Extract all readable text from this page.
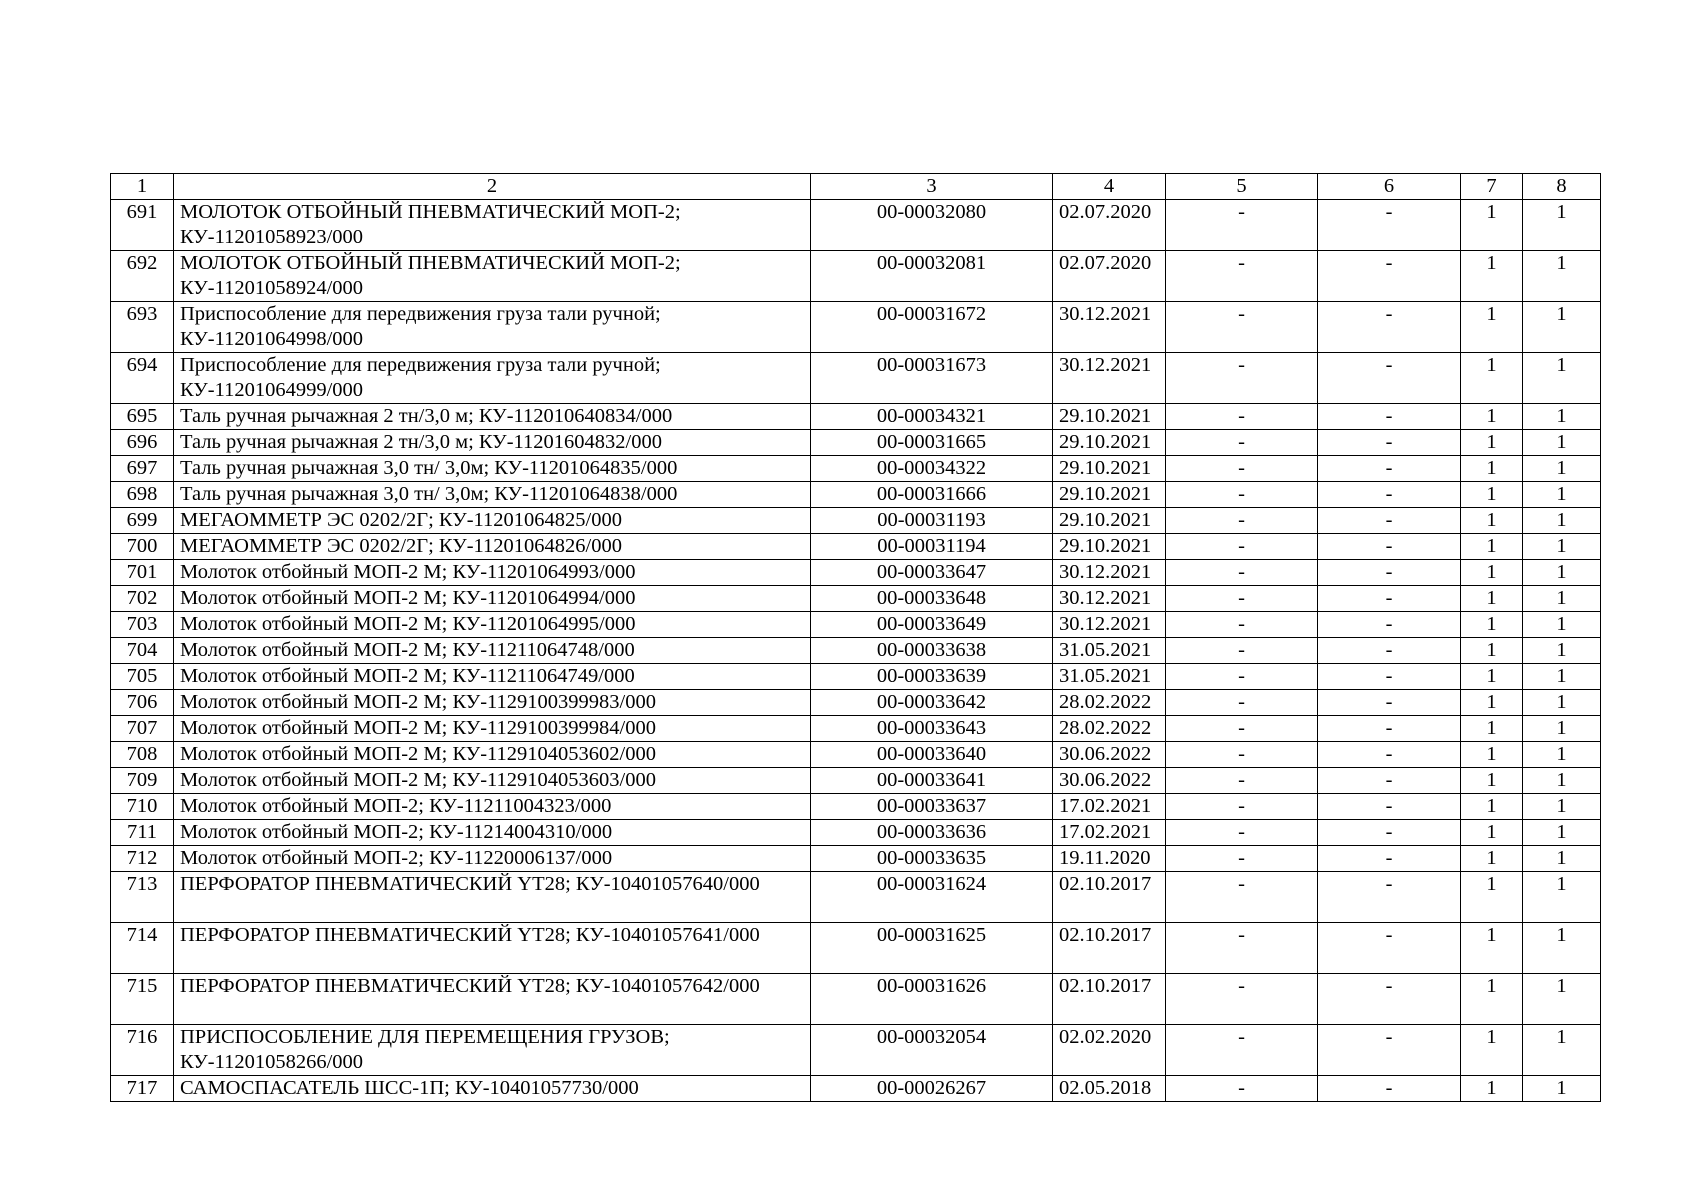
1	2	3	4	5	6	7	8
691	МОЛОТОК ОТБОЙНЫЙ ПНЕВМАТИЧЕСКИЙ МОП-2; КУ-11201058923/000	00-00032080	02.07.2020	-	-	1	1
692	МОЛОТОК ОТБОЙНЫЙ ПНЕВМАТИЧЕСКИЙ МОП-2; КУ-11201058924/000	00-00032081	02.07.2020	-	-	1	1
693	Приспособление для передвижения груза тали ручной; КУ-11201064998/000	00-00031672	30.12.2021	-	-	1	1
694	Приспособление для передвижения груза тали ручной; КУ-11201064999/000	00-00031673	30.12.2021	-	-	1	1
695	Таль ручная рычажная 2 тн/3,0 м; КУ-112010640834/000	00-00034321	29.10.2021	-	-	1	1
696	Таль ручная рычажная 2 тн/3,0 м; КУ-11201604832/000	00-00031665	29.10.2021	-	-	1	1
697	Таль ручная рычажная 3,0 тн/ 3,0м; КУ-11201064835/000	00-00034322	29.10.2021	-	-	1	1
698	Таль ручная рычажная 3,0 тн/ 3,0м; КУ-11201064838/000	00-00031666	29.10.2021	-	-	1	1
699	МЕГАОММЕТР ЭС 0202/2Г; КУ-11201064825/000	00-00031193	29.10.2021	-	-	1	1
700	МЕГАОММЕТР ЭС 0202/2Г; КУ-11201064826/000	00-00031194	29.10.2021	-	-	1	1
701	Молоток отбойный МОП-2 М; КУ-11201064993/000	00-00033647	30.12.2021	-	-	1	1
702	Молоток отбойный МОП-2 М; КУ-11201064994/000	00-00033648	30.12.2021	-	-	1	1
703	Молоток отбойный МОП-2 М; КУ-11201064995/000	00-00033649	30.12.2021	-	-	1	1
704	Молоток отбойный МОП-2 М; КУ-11211064748/000	00-00033638	31.05.2021	-	-	1	1
705	Молоток отбойный МОП-2 М; КУ-11211064749/000	00-00033639	31.05.2021	-	-	1	1
706	Молоток отбойный МОП-2 М; КУ-1129100399983/000	00-00033642	28.02.2022	-	-	1	1
707	Молоток отбойный МОП-2 М; КУ-1129100399984/000	00-00033643	28.02.2022	-	-	1	1
708	Молоток отбойный МОП-2 М; КУ-1129104053602/000	00-00033640	30.06.2022	-	-	1	1
709	Молоток отбойный МОП-2 М; КУ-1129104053603/000	00-00033641	30.06.2022	-	-	1	1
710	Молоток отбойный МОП-2; КУ-11211004323/000	00-00033637	17.02.2021	-	-	1	1
711	Молоток отбойный МОП-2; КУ-11214004310/000	00-00033636	17.02.2021	-	-	1	1
712	Молоток отбойный МОП-2; КУ-11220006137/000	00-00033635	19.11.2020	-	-	1	1
713	ПЕРФОРАТОР ПНЕВМАТИЧЕСКИЙ YT28; КУ-10401057640/000	00-00031624	02.10.2017	-	-	1	1
714	ПЕРФОРАТОР ПНЕВМАТИЧЕСКИЙ YT28; КУ-10401057641/000	00-00031625	02.10.2017	-	-	1	1
715	ПЕРФОРАТОР ПНЕВМАТИЧЕСКИЙ YT28; КУ-10401057642/000	00-00031626	02.10.2017	-	-	1	1
716	ПРИСПОСОБЛЕНИЕ ДЛЯ ПЕРЕМЕЩЕНИЯ ГРУЗОВ; КУ-11201058266/000	00-00032054	02.02.2020	-	-	1	1
717	САМОСПАСАТЕЛЬ ШСС-1П; КУ-10401057730/000	00-00026267	02.05.2018	-	-	1	1
